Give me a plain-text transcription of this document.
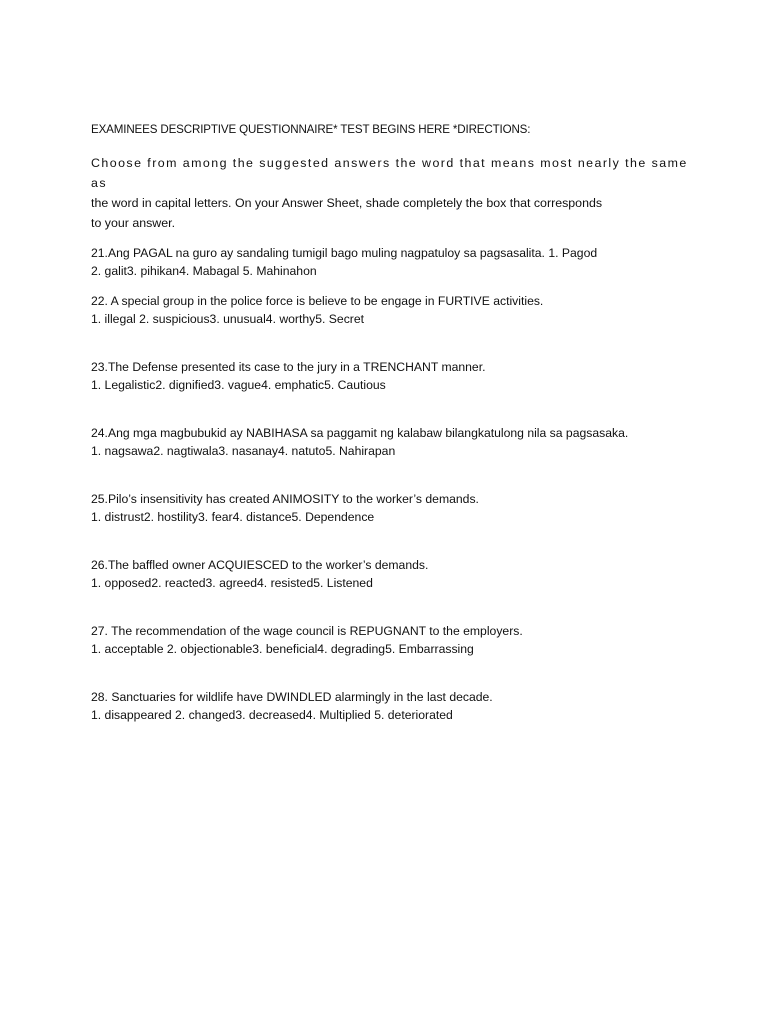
EXAMINEES DESCRIPTIVE QUESTIONNAIRE* TEST BEGINS HERE *DIRECTIONS:

Choose from among the suggested answers the word that means most nearly the same as
the word in capital letters. On your Answer Sheet, shade completely the box that corresponds
to your answer.
21.Ang PAGAL na guro ay sandaling tumigil bago muling nagpatuloy sa pagsasalita. 1. Pagod
2. galit3. pihikan4. Mabagal 5. Mahinahon
22. A special group in the police force is believe to be engage in FURTIVE activities.
1. illegal 2. suspicious3. unusual4. worthy5. Secret
23.The Defense presented its case to the jury in a TRENCHANT manner.
1. Legalistic2. dignified3. vague4. emphatic5. Cautious
24.Ang mga magbubukid ay NABIHASA sa paggamit ng kalabaw bilangkatulong nila sa pagsasaka.
1. nagsawa2. nagtiwala3. nasanay4. natuto5. Nahirapan
25.Pilo’s insensitivity has created ANIMOSITY to the worker’s demands.
1. distrust2. hostility3. fear4. distance5. Dependence
26.The baffled owner ACQUIESCED to the worker’s demands.
1. opposed2. reacted3. agreed4. resisted5. Listened
27. The recommendation of the wage council is REPUGNANT to the employers.
1. acceptable 2. objectionable3. beneficial4. degrading5. Embarrassing
28. Sanctuaries for wildlife have DWINDLED alarmingly in the last decade.
1. disappeared 2. changed3. decreased4. Multiplied 5. deteriorated
